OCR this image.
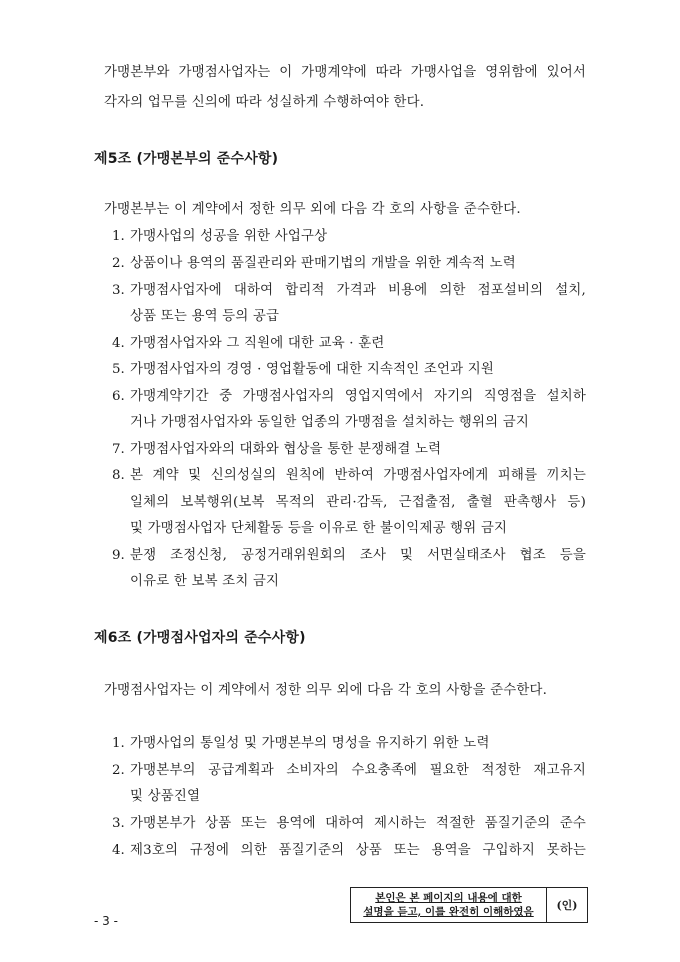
가맹본부와 가맹점사업자는 이 가맹계약에 따라 가맹사업을 영위함에 있어서
각자의 업무를 신의에 따라 성실하게 수행하여야 한다.
제5조 (가맹본부의 준수사항)
가맹본부는 이 계약에서 정한 의무 외에 다음 각 호의 사항을 준수한다.
1. 가맹사업의 성공을 위한 사업구상
2. 상품이나 용역의 품질관리와 판매기법의 개발을 위한 계속적 노력
3. 가맹점사업자에 대하여 합리적 가격과 비용에 의한 점포설비의 설치,
상품 또는 용역 등의 공급
4. 가맹점사업자와 그 직원에 대한 교육 · 훈련
5. 가맹점사업자의 경영 · 영업활동에 대한 지속적인 조언과 지원
6. 가맹계약기간 중 가맹점사업자의 영업지역에서 자기의 직영점을 설치하
거나 가맹점사업자와 동일한 업종의 가맹점을 설치하는 행위의 금지
7. 가맹점사업자와의 대화와 협상을 통한 분쟁해결 노력
8. 본 계약 및 신의성실의 원칙에 반하여 가맹점사업자에게 피해를 끼치는
일체의 보복행위(보복 목적의 관리·감독, 근접출점, 출혈 판촉행사 등)
및 가맹점사업자 단체활동 등을 이유로 한 불이익제공 행위 금지
9. 분쟁 조정신청, 공정거래위원회의 조사 및 서면실태조사 협조 등을
이유로 한 보복 조치 금지
제6조 (가맹점사업자의 준수사항)
가맹점사업자는 이 계약에서 정한 의무 외에 다음 각 호의 사항을 준수한다.
1. 가맹사업의 통일성 및 가맹본부의 명성을 유지하기 위한 노력
2. 가맹본부의 공급계획과 소비자의 수요충족에 필요한 적정한 재고유지
및 상품진열
3. 가맹본부가 상품 또는 용역에 대하여 제시하는 적절한 품질기준의 준수
4. 제3호의 규정에 의한 품질기준의 상품 또는 용역을 구입하지 못하는
- 3 -
본인은 본 페이지의 내용에 대한
설명을 듣고, 이를 완전히 이해하였음	(인)
